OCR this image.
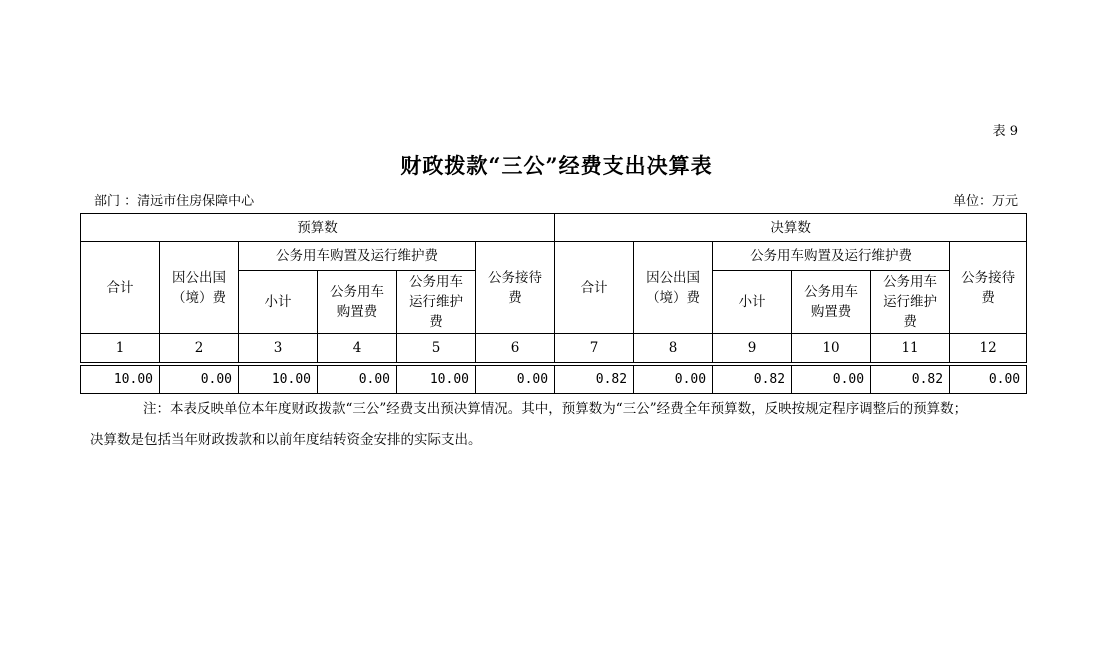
表 9
财政拨款“三公”经费支出决算表
部门 ：清远市住房保障中心	单位：万元
预算数						决算数					
合计	因公出国（境）费	公务用车购置及运行维护费			公务接待费	合计	因公出国（境）费	公务用车购置及运行维护费			公务接待费
		小计	公务用车购置费	公务用车运行维护费				小计	公务用车购置费	公务用车运行维护费	
1	2	3	4	5	6	7	8	9	10	11	12

10.00	0.00	10.00	0.00	10.00	0.00	0.82	0.00	0.82	0.00	0.82	0.00
注：本表反映单位本年度财政拨款“三公”经费支出预决算情况。其中，预算数为“三公”经费全年预算数，反映按规定程序调整后的预算数；
决算数是包括当年财政拨款和以前年度结转资金安排的实际支出。
